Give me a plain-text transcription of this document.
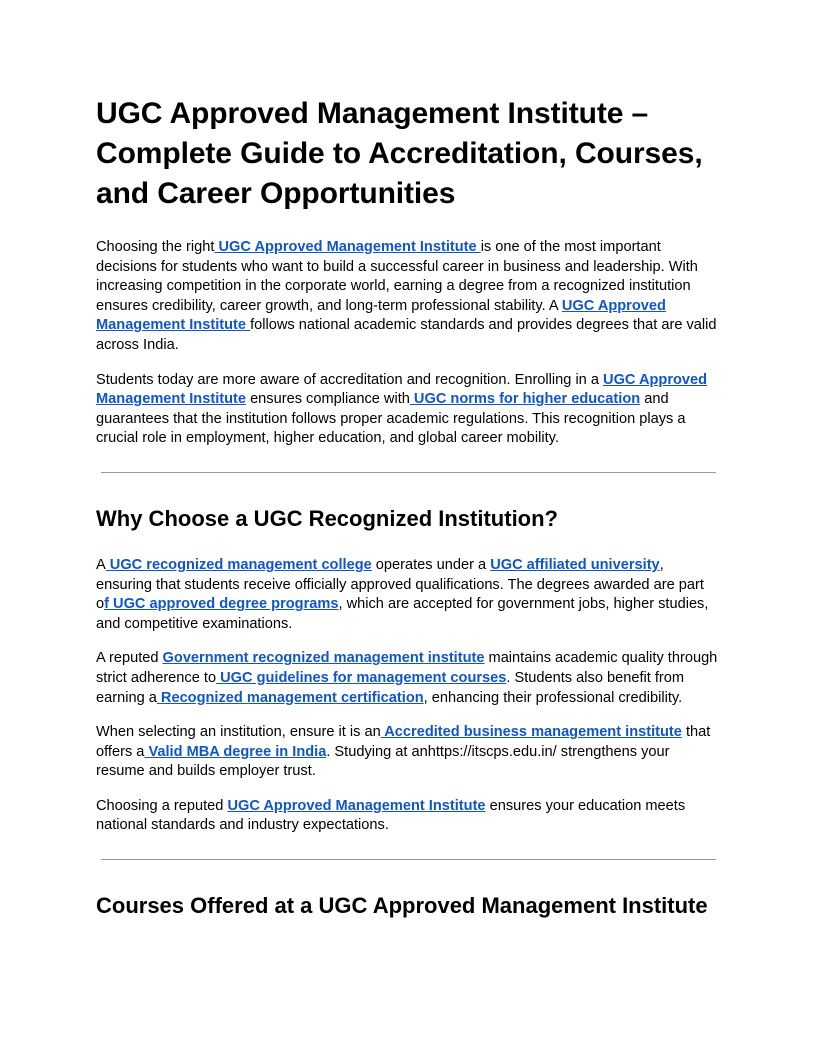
UGC Approved Management Institute – Complete Guide to Accreditation, Courses, and Career Opportunities

Choosing the right UGC Approved Management Institute is one of the most important decisions for students who want to build a successful career in business and leadership. With increasing competition in the corporate world, earning a degree from a recognized institution ensures credibility, career growth, and long-term professional stability. A UGC Approved Management Institute follows national academic standards and provides degrees that are valid across India.

Students today are more aware of accreditation and recognition. Enrolling in a UGC Approved Management Institute ensures compliance with UGC norms for higher education and guarantees that the institution follows proper academic regulations. This recognition plays a crucial role in employment, higher education, and global career mobility.

Why Choose a UGC Recognized Institution?

A UGC recognized management college operates under a UGC affiliated university, ensuring that students receive officially approved qualifications. The degrees awarded are part of UGC approved degree programs, which are accepted for government jobs, higher studies, and competitive examinations.

A reputed Government recognized management institute maintains academic quality through strict adherence to UGC guidelines for management courses. Students also benefit from earning a Recognized management certification, enhancing their professional credibility.

When selecting an institution, ensure it is an Accredited business management institute that offers a Valid MBA degree in India. Studying at anhttps://itscps.edu.in/ strengthens your resume and builds employer trust.

Choosing a reputed UGC Approved Management Institute ensures your education meets national standards and industry expectations.

Courses Offered at a UGC Approved Management Institute
